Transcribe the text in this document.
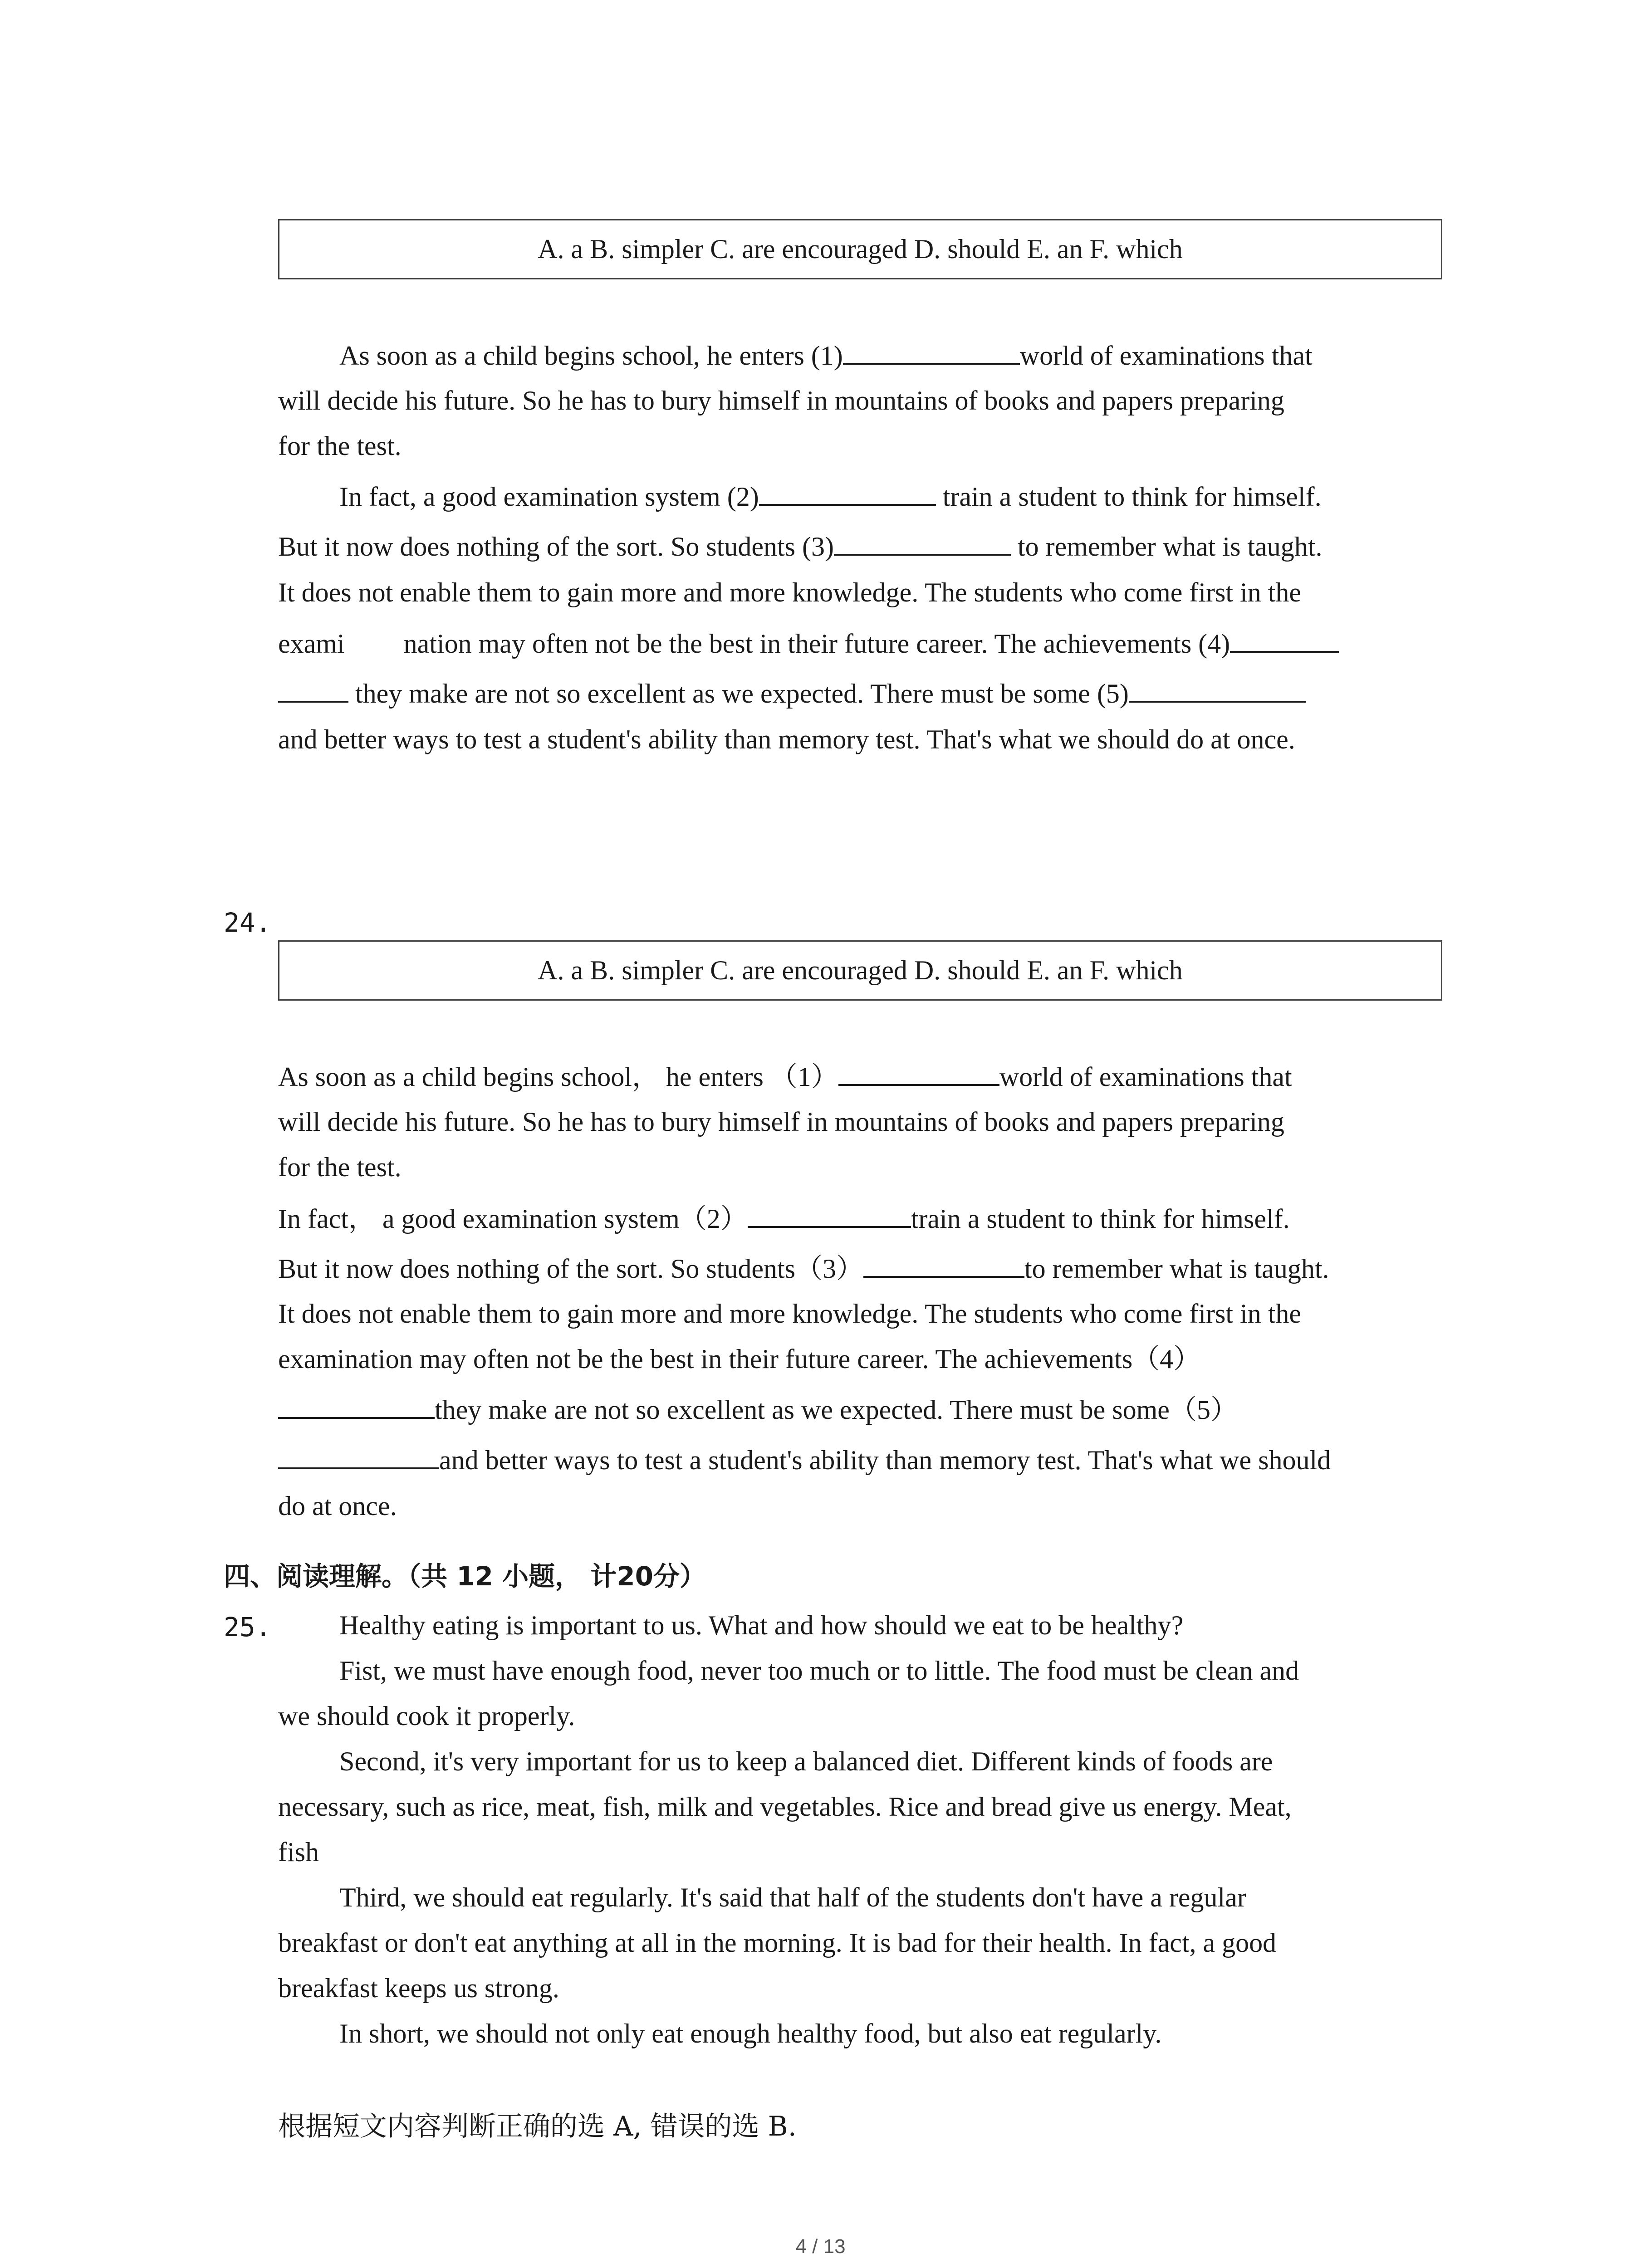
A. a B. simpler C. are encouraged D. should E. an F. which
As soon as a child begins school, he enters (1)	world of examinations that
will decide his future. So he has to bury himself in mountains of books and papers preparing
for the test.
In fact, a good examination system (2)	train a student to think for himself.
But it now does nothing of the sort. So students (3)	to remember what is taught.
It does not enable them to gain more and more knowledge. The students who come first in the
exami nation may often not be the best in their future career. The achievements (4)
they make are not so excellent as we expected. There must be some (5)
and better ways to test a student's ability than memory test. That's what we should do at once.
24.
A. a B. simpler C. are encouraged D. should E. an F. which
As soon as a child begins school， he enters （1）	world of examinations that
will decide his future. So he has to bury himself in mountains of books and papers preparing
for the test.
In fact， a good examination system（2）	train a student to think for himself.
But it now does nothing of the sort. So students（3）	to remember what is taught.
It does not enable them to gain more and more knowledge. The students who come first in the
examination may often not be the best in their future career. The achievements（4）
they make are not so excellent as we expected. There must be some（5）
and better ways to test a student's ability than memory test. That's what we should
do at once.
四、阅读理解。（共 12 小题， 计20分）
25.	Healthy eating is important to us. What and how should we eat to be healthy?
Fist, we must have enough food, never too much or to little. The food must be clean and
we should cook it properly.
Second, it's very important for us to keep a balanced diet. Different kinds of foods are
necessary, such as rice, meat, fish, milk and vegetables. Rice and bread give us energy. Meat,
fish
Third, we should eat regularly. It's said that half of the students don't have a regular
breakfast or don't eat anything at all in the morning. It is bad for their health. In fact, a good
breakfast keeps us strong.
In short, we should not only eat enough healthy food, but also eat regularly.
根据短文内容判断正确的选 A, 错误的选 B.
4 / 13
